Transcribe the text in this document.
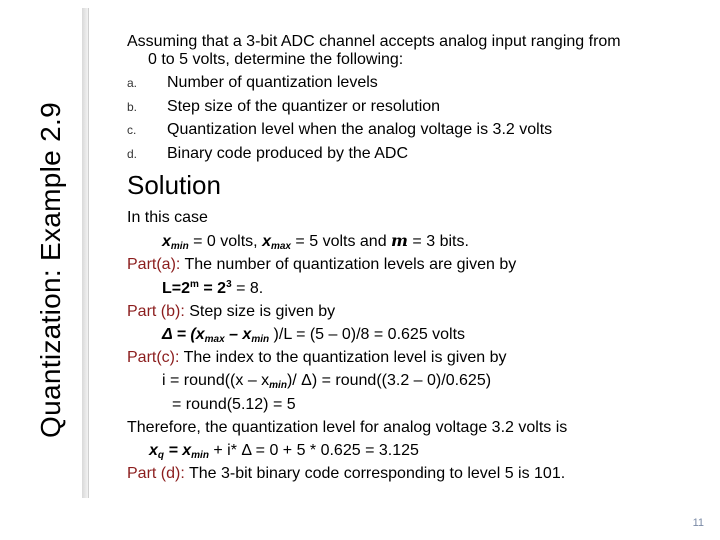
Quantization: Example 2.9

Assuming that a 3-bit ADC channel accepts analog input ranging from
0 to 5 volts, determine the following:

a. Number of quantization levels
b. Step size of the quantizer or resolution
c. Quantization level when the analog voltage is 3.2 volts
d. Binary code produced by the ADC
Solution
In this case
$x_{min} = 0$ volts, $x_{max} = 5$ volts and m = 3 bits.
Part(a): The number of quantization levels are given by
$L=2^m = 2^3 = 8$.
Part (b): Step size is given by
$\Delta = (x_{max} - x_{min}$ )/L = (5 – 0)/8 = 0.625 volts
Part(c): The index to the quantization level is given by
i = round((x – $x_{min})/$ Δ) = round((3.2 – 0)/0.625)
= round(5.12) = 5
Therefore, the quantization level for analog voltage 3.2 volts is
$x_q = x_{min} + i*$ Δ = 0 + 5 * 0.625 = 3.125
Part (d): The 3-bit binary code corresponding to level 5 is 101.
11
